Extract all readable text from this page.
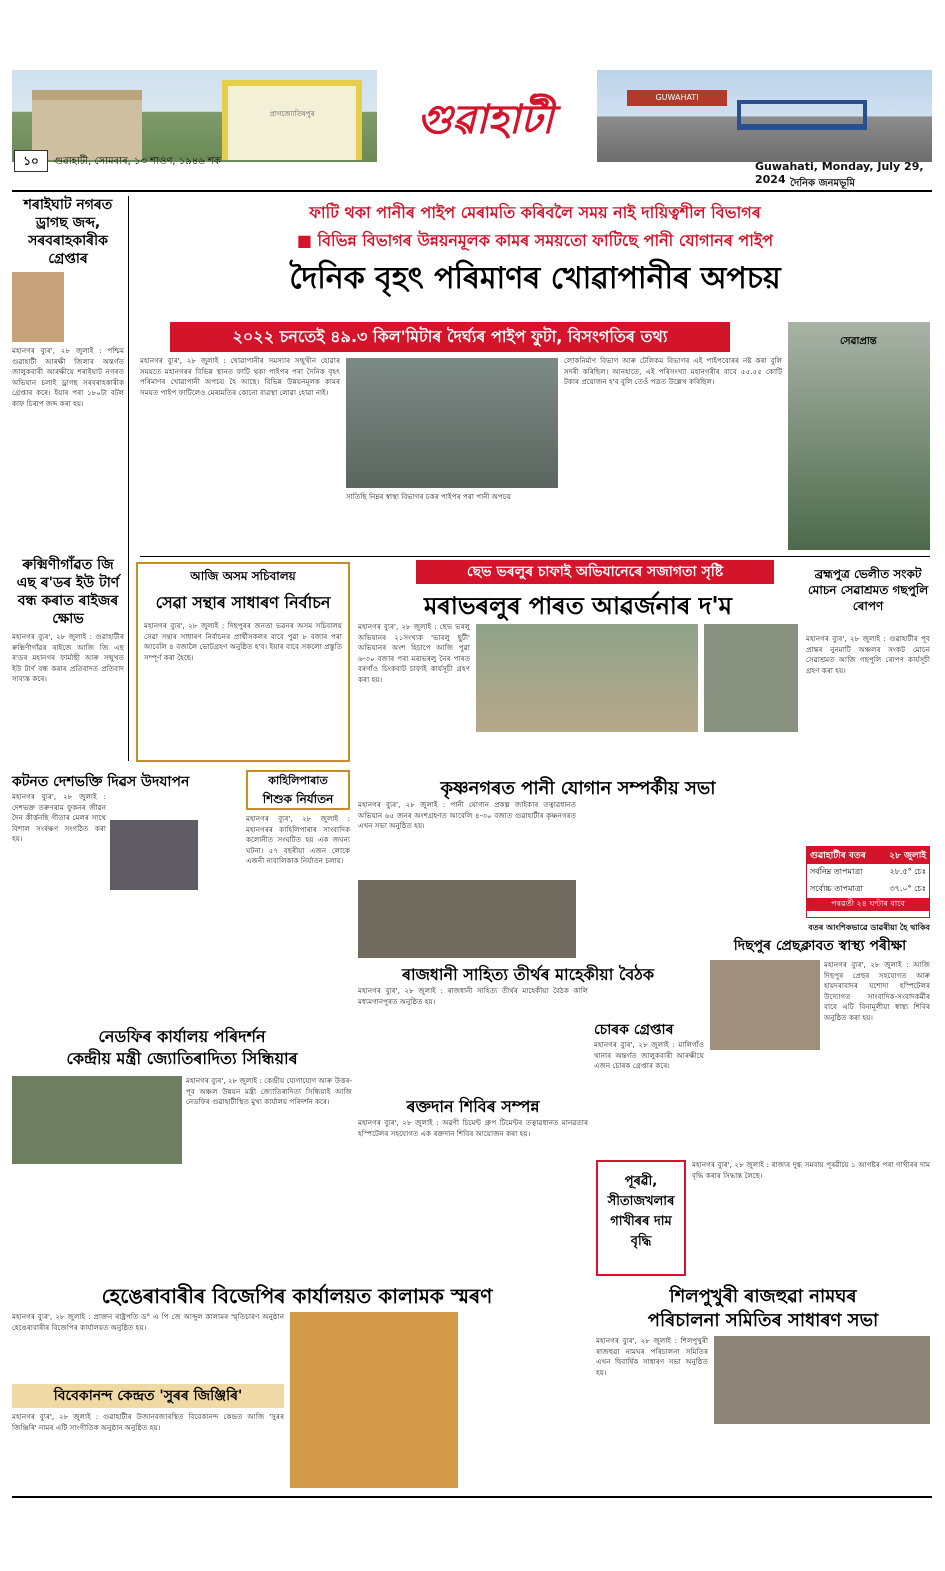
প্ৰাগজ্যোতিষপুৰ	গুৱাহাটী	GUWAHATI
১০	গুৱাহাটী, সোমবাৰ, ১৩ শাওণ, ১৯৪৬ শক	Guwahati, Monday, July 29, 2024 দৈনিক জনমভূমি
শৰাইঘাট নগৰত ড্ৰাগছ জব্দ, সৰবৰাহকাৰীক গ্ৰেপ্তাৰ
মহানগৰ ব্যুৰ', ২৮ জুলাই : পশ্চিম গুৱাহাটী আৰক্ষী জিলাৰ অন্তৰ্গত জালুকবাৰী আৰক্ষীয়ে শৰাইঘাট নগৰত অভিযান চলাই ড্ৰাগছ সৰবৰাহকাৰীক গ্ৰেপ্তাৰ কৰে। ইয়াৰ পৰা ১৮০টা বটল কাফ চিৰাপ জব্দ কৰা হয়।
ৰুক্মিণীগাঁৱত জি এছ ৰ'ডৰ ইউ টাৰ্ণ বন্ধ কৰাত ৰাইজৰ ক্ষোভ
মহানগৰ ব্যুৰ', ২৮ জুলাই : গুৱাহাটীৰ ৰুক্মিণীগাঁৱৰ ৰাইজে আজি জি এছ ৰ'ডৰ মহানগৰ ফাৰ্মাছী আৰু সন্মুখত ইউ টাৰ্ণ বন্ধ কৰাৰ প্ৰতিবাদত প্ৰতিবাদ সাব্যস্ত কৰে।
ফাটি থকা পানীৰ পাইপ মেৰামতি কৰিবলৈ সময় নাই দায়িত্বশীল বিভাগৰ
■ বিভিন্ন বিভাগৰ উন্নয়নমূলক কামৰ সময়তো ফাটিছে পানী যোগানৰ পাইপ
দৈনিক বৃহৎ পৰিমাণৰ খোৱাপানীৰ অপচয়
২০২২ চনতেই ৪৯.৩ কিল'মিটাৰ দৈৰ্ঘ্যৰ পাইপ ফুটা, বিসংগতিৰ তথ্য
মহানগৰ ব্যুৰ', ২৮ জুলাই : খোৱাপানীৰ সমস্যাৰ সন্মুখীন হোৱাৰ সময়তে মহানগৰৰ বিভিন্ন স্থানত ফাটি থকা পাইপৰ পৰা দৈনিক বৃহৎ পৰিমাণৰ খোৱাপানী অপচয় হৈ আছে। বিভিন্ন উন্নয়নমূলক কামৰ সময়ত পাইপ ফাটিলেও মেৰামতিৰ কোনো ব্যৱস্থা লোৱা হোৱা নাই।
সাতিছি নিম্নৰ স্বাস্থ্য বিভাগৰ চকৰ পাইপৰ পৰা পানী অপচয়
লোকনিৰ্মাণ বিভাগ আৰু টেলিকম বিভাগৰ এই পাইপবোৰৰ নষ্ট কৰা বুলি সদৰী কৰিছিল। আনহাতে, এই পৰিসংখ্যা মহানগৰীৰ বাবে ৫৫.৫৫ কোটি টকাৰ প্ৰয়োজন হ'ব বুলি তেওঁ পত্ৰত উল্লেখ কৰিছিল।
সেৱাপ্ৰান্ত
আজি অসম সচিবালয়
সেৱা সন্থাৰ সাধাৰণ নিৰ্বাচন
মহানগৰ ব্যুৰ', ২৮ জুলাই : দিছপুৰৰ জনতা ভৱনৰ অসম সচিবালয় সেৱা সন্থাৰ সাধাৰণ নিৰ্বাচনৰ প্ৰাৰ্থীসকলৰ বাবে পুৱা ৮ বজাৰ পৰা আবেলি ৪ বজালৈ ভোটগ্ৰহণ অনুষ্ঠিত হ'ব। ইয়াৰ বাবে সকলো প্ৰস্তুতি সম্পূৰ্ণ কৰা হৈছে।
ছেভ ভৰলুৰ চাফাই অভিযানেৰে সজাগতা সৃষ্টি
মৰাভৰলুৰ পাৰত আৱৰ্জনাৰ দ'ম
মহানগৰ ব্যুৰ', ২৮ জুলাই : ছেভ ভৰলু অভিযানৰ ২১সংখ্যক 'ভাৰলু ছুটী' অভিযানৰ অংশ হিচাপে আজি পুৱা ৬-৩০ বজাৰ পৰা মৰাভৰলু নৈৰ পাৰত বৰগাঁও চিংকবাট চাফাই কাৰ্যসূচী গ্ৰহণ কৰা হয়।
ব্ৰহ্মপুত্ৰ ভেলীত সংকট মোচন সেৱাশ্ৰমত গছপুলি ৰোপণ
মহানগৰ ব্যুৰ', ২৮ জুলাই : গুৱাহাটীৰ পূব প্ৰান্তৰ নুনমাটি অঞ্চলৰ সংকট মোচন সেৱাশ্ৰমত আজি গছপুলি ৰোপণ কাৰ্যসূচী গ্ৰহণ কৰা হয়।
কটনত দেশভক্তি দিৱস উদযাপন
মহানগৰ ব্যুৰ', ২৮ জুলাই : দেশভক্ত তৰুণৰাম ফুকনৰ জীৱন দৈন কীৰ্ত্তনছি গীতাৰ মেলৰ সাথে বিশাল সংৰক্ষণ সংগঠিত কৰা হয়।
কাহিলিপাৰাত
শিশুক নিৰ্যাতন
মহানগৰ ব্যুৰ', ২৮ জুলাই : মহানগৰৰ কাহিলিপাৰাৰ সাংবাদিক কলোনীত সংঘটিত হয় এক জঘন্য ঘটনা। ৫৭ বছৰীয়া এজন লোকে এজনী নাবালিকাক নিৰ্যাতন চলায়।
কৃষ্ণনগৰত পানী যোগান সম্পৰ্কীয় সভা
মহানগৰ ব্যুৰ', ২৮ জুলাই : পানী যোগান প্ৰকল্প জাইকাৰ তত্বাৱধানত অভিযান ৬৫ জনৰ অংশগ্ৰহণত আবেলি ৪-৩০ বজাত গুৱাহাটীৰ কৃষ্ণনগৰত এখন সভা অনুষ্ঠিত হয়।
গুৱাহাটীৰ বতৰ	২৮ জুলাই
সৰ্বনিম্ন তাপমাত্ৰা	২৮.৫° চেঃ
সৰ্বোচ্চ তাপমাত্ৰা	৩৭.০° চেঃ
পৰৱৰ্তী ২৪ ঘণ্টাৰ বাবে
বতৰ আংশিকভাৱে ডাৱৰীয়া হৈ থাকিব
দিছপুৰ প্ৰেছক্লাবত স্বাস্থ্য পৰীক্ষা
মহানগৰ ব্যুৰ', ২৮ জুলাই : আজি দিছপুৰ প্ৰেছৰ সহযোগত আৰু হায়দৰাবাদৰ যশোদা হস্পিটেলৰ উদ্যোগত সাংবাদিক-সংবাদকৰ্মীৰ বাবে এটি বিনামূলীয়া স্বাস্থ্য শিবিৰ অনুষ্ঠিত কৰা হয়।
ৰাজধানী সাহিত্য তীৰ্থৰ মাহেকীয়া বৈঠক
মহানগৰ ব্যুৰ', ২৮ জুলাই : ৰাজধানী সাহিত্য তীৰ্থৰ মাহেকীয়া বৈঠক কালি মধ্যমগানপুৰত অনুষ্ঠিত হয়।
চোৰক গ্ৰেপ্তাৰ
মহানগৰ ব্যুৰ', ২৮ জুলাই : মালিগাঁও থানাৰ অন্তৰ্গত জালুকবাৰী আৰক্ষীয়ে এজন চোৰক গ্ৰেপ্তাৰ কৰে।
নেডফিৰ কাৰ্যালয় পৰিদৰ্শন
কেন্দ্ৰীয় মন্ত্ৰী জ্যোতিৰাদিত্য সিন্ধিয়াৰ
মহানগৰ ব্যুৰ', ২৮ জুলাই : কেন্দ্ৰীয় যোগাযোগ আৰু উত্তৰ-পূব অঞ্চল উন্নয়ন মন্ত্ৰী জ্যোতিৰাদিত্য সিন্ধিয়াই আজি নেডফিৰ গুৱাহাটীস্থিত মুখ্য কাৰ্যালয় পৰিদৰ্শন কৰে।	ৰক্তদান শিবিৰ সম্পন্ন
মহানগৰ ব্যুৰ', ২৮ জুলাই : অৱণী চিমেন্ট গ্ৰুপ টিমেন্টৰ তত্বাৱধানত মানৱতাৰ হস্পিটেলৰ সহযোগত এক ৰক্তদান শিবিৰ আয়োজন কৰা হয়।
পূৰৱী, সীতাজখলাৰ গাখীৰৰ দাম বৃদ্ধি
মহানগৰ ব্যুৰ', ২৮ জুলাই : ৰাজ্যৰ দুগ্ধ সমবায় পূৰৱীয়ে ১ আগষ্টৰ পৰা গাখীৰৰ দাম বৃদ্ধি কৰাৰ সিদ্ধান্ত লৈছে।
হেঙেৰাবাৰীৰ বিজেপিৰ কাৰ্যালয়ত কালামক স্মৰণ
মহানগৰ ব্যুৰ', ২৮ জুলাই : প্ৰাক্তন ৰাষ্ট্ৰপতি ড° এ পি জে আব্দুল কালামৰ স্মৃতিচাৰণ অনুষ্ঠান হেঙেৰাবাৰীৰ বিজেপিৰ কাৰ্যালয়ত অনুষ্ঠিত হয়।
বিবেকানন্দ কেন্দ্ৰত 'সুৰৰ জিঞ্জিৰি'
মহানগৰ ব্যুৰ', ২৮ জুলাই : গুৱাহাটীৰ উজানবজাৰস্থিত বিবেকানন্দ কেন্দ্ৰত আজি 'সুৰৰ জিঞ্জিৰি' নামৰ এটি সাংগীতিক অনুষ্ঠান অনুষ্ঠিত হয়।
শিলপুখুৰী ৰাজহুৱা নামঘৰ
পৰিচালনা সমিতিৰ সাধাৰণ সভা
মহানগৰ ব্যুৰ', ২৮ জুলাই : শিলপুখুৰী ৰাজহুৱা নামঘৰ পৰিচালনা সমিতিৰ এখন দ্বিবাৰ্ষিক সাধাৰণ সভা অনুষ্ঠিত হয়।
